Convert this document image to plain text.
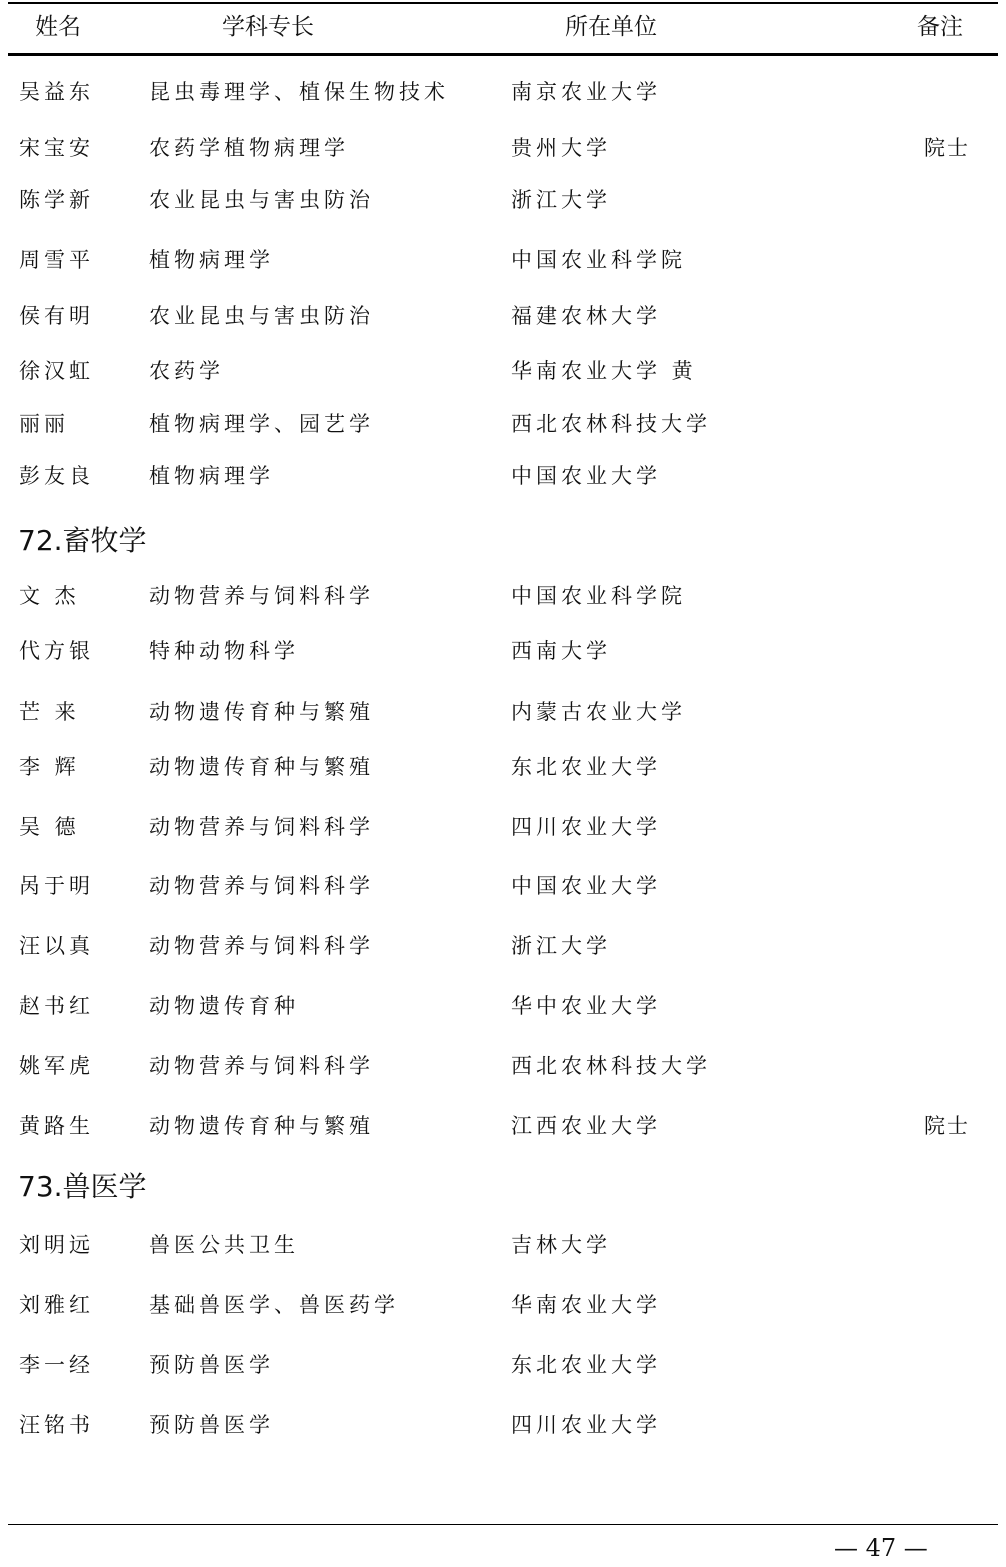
姓名	学科专长	所在单位	备注
吴益东	昆虫毒理学、植保生物技术	南京农业大学
宋宝安	农药学植物病理学	贵州大学	院士
陈学新	农业昆虫与害虫防治	浙江大学
周雪平	植物病理学	中国农业科学院
侯有明	农业昆虫与害虫防治	福建农林大学
徐汉虹	农药学	华南农业大学 黄
丽丽	植物病理学、园艺学	西北农林科技大学
彭友良	植物病理学	中国农业大学
72.畜牧学
文 杰	动物营养与饲料科学	中国农业科学院
代方银	特种动物科学	西南大学
芒 来	动物遗传育种与繁殖	内蒙古农业大学
李 辉	动物遗传育种与繁殖	东北农业大学
吴 德	动物营养与饲料科学	四川农业大学
呙于明	动物营养与饲料科学	中国农业大学
汪以真	动物营养与饲料科学	浙江大学
赵书红	动物遗传育种	华中农业大学
姚军虎	动物营养与饲料科学	西北农林科技大学
黄路生	动物遗传育种与繁殖	江西农业大学	院士
73.兽医学
刘明远	兽医公共卫生	吉林大学
刘雅红	基础兽医学、兽医药学	华南农业大学
李一经	预防兽医学	东北农业大学
汪铭书	预防兽医学	四川农业大学
— 47 —
